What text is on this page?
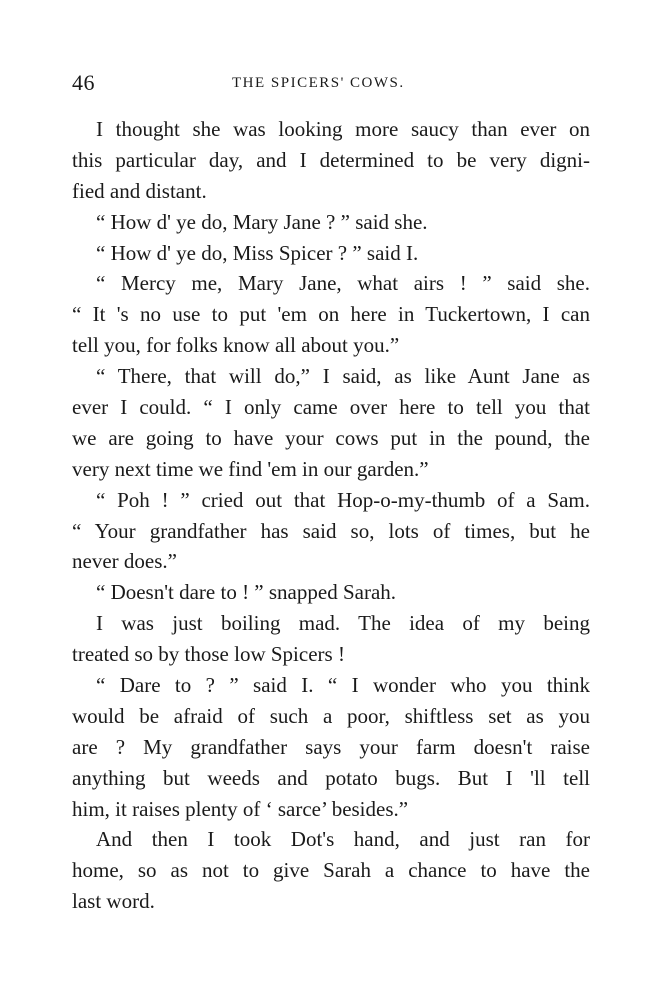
46	THE SPICERS' COWS.
I thought she was looking more saucy than ever on
this particular day, and I determined to be very digni-
fied and distant.
“ How d' ye do, Mary Jane ? ” said she.
“ How d' ye do, Miss Spicer ? ” said I.
“ Mercy me, Mary Jane, what airs ! ” said she.
“ It 's no use to put 'em on here in Tuckertown, I can
tell you, for folks know all about you.”
“ There, that will do,” I said, as like Aunt Jane as
ever I could. “ I only came over here to tell you that
we are going to have your cows put in the pound, the
very next time we find 'em in our garden.”
“ Poh ! ” cried out that Hop-o-my-thumb of a Sam.
“ Your grandfather has said so, lots of times, but he
never does.”
“ Doesn't dare to ! ” snapped Sarah.
I was just boiling mad. The idea of my being
treated so by those low Spicers !
“ Dare to ? ” said I. “ I wonder who you think
would be afraid of such a poor, shiftless set as you
are ? My grandfather says your farm doesn't raise
anything but weeds and potato bugs. But I 'll tell
him, it raises plenty of ‘ sarce’ besides.”
And then I took Dot's hand, and just ran for
home, so as not to give Sarah a chance to have the
last word.
